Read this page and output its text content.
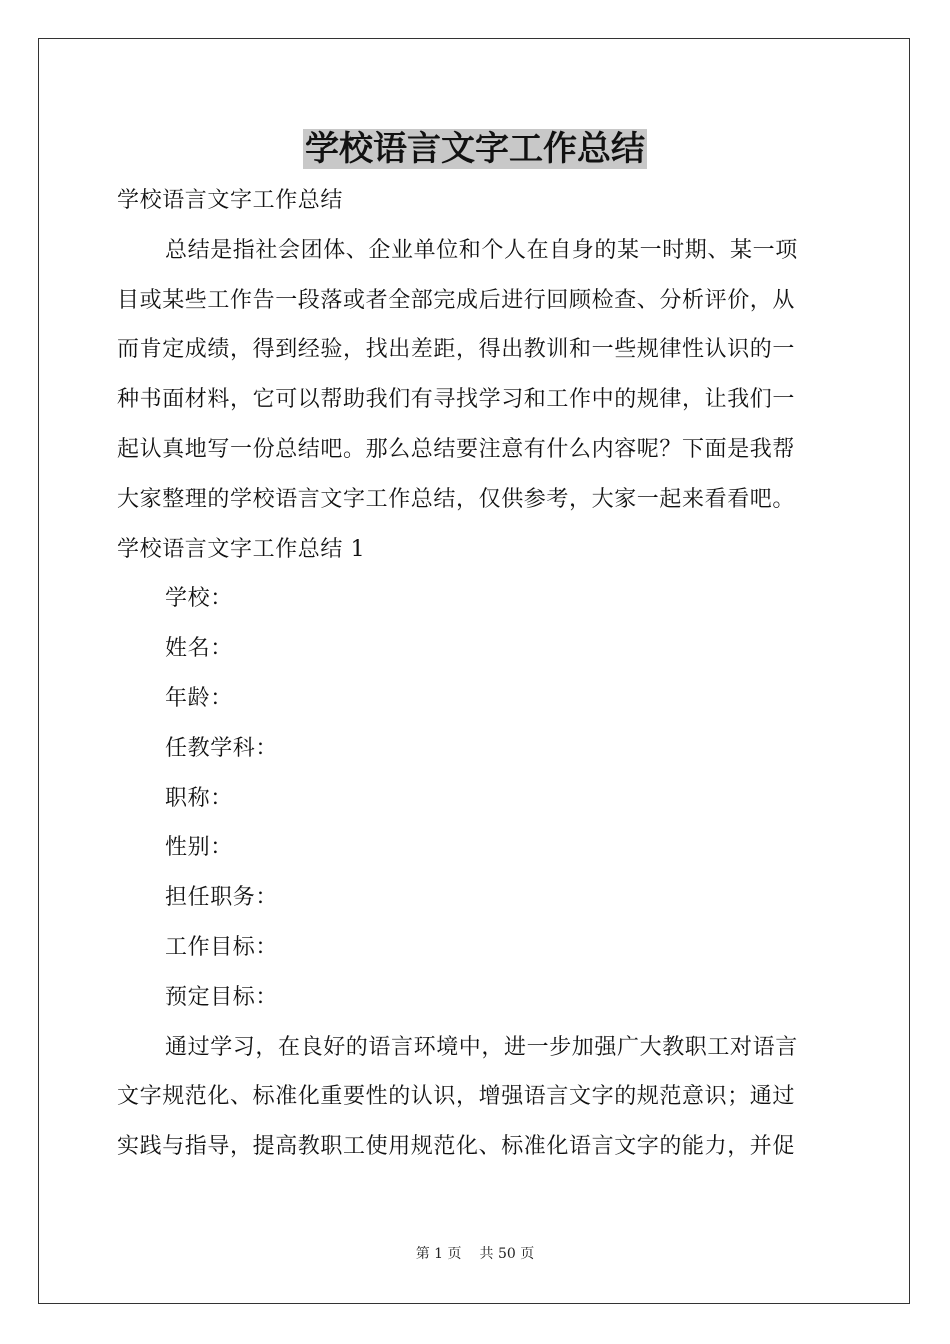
学校语言文字工作总结

学校语言文字工作总结

总结是指社会团体、企业单位和个人在自身的某一时期、某一项

目或某些工作告一段落或者全部完成后进行回顾检查、分析评价，从

而肯定成绩，得到经验，找出差距，得出教训和一些规律性认识的一

种书面材料，它可以帮助我们有寻找学习和工作中的规律，让我们一

起认真地写一份总结吧。那么总结要注意有什么内容呢？下面是我帮

大家整理的学校语言文字工作总结，仅供参考，大家一起来看看吧。

学校语言文字工作总结 1

学校：

姓名：

年龄：

任教学科：

职称：

性别：

担任职务：

工作目标：

预定目标：

通过学习，在良好的语言环境中，进一步加强广大教职工对语言

文字规范化、标准化重要性的认识，增强语言文字的规范意识；通过

实践与指导，提高教职工使用规范化、标准化语言文字的能力，并促

第 1 页 共 50 页
